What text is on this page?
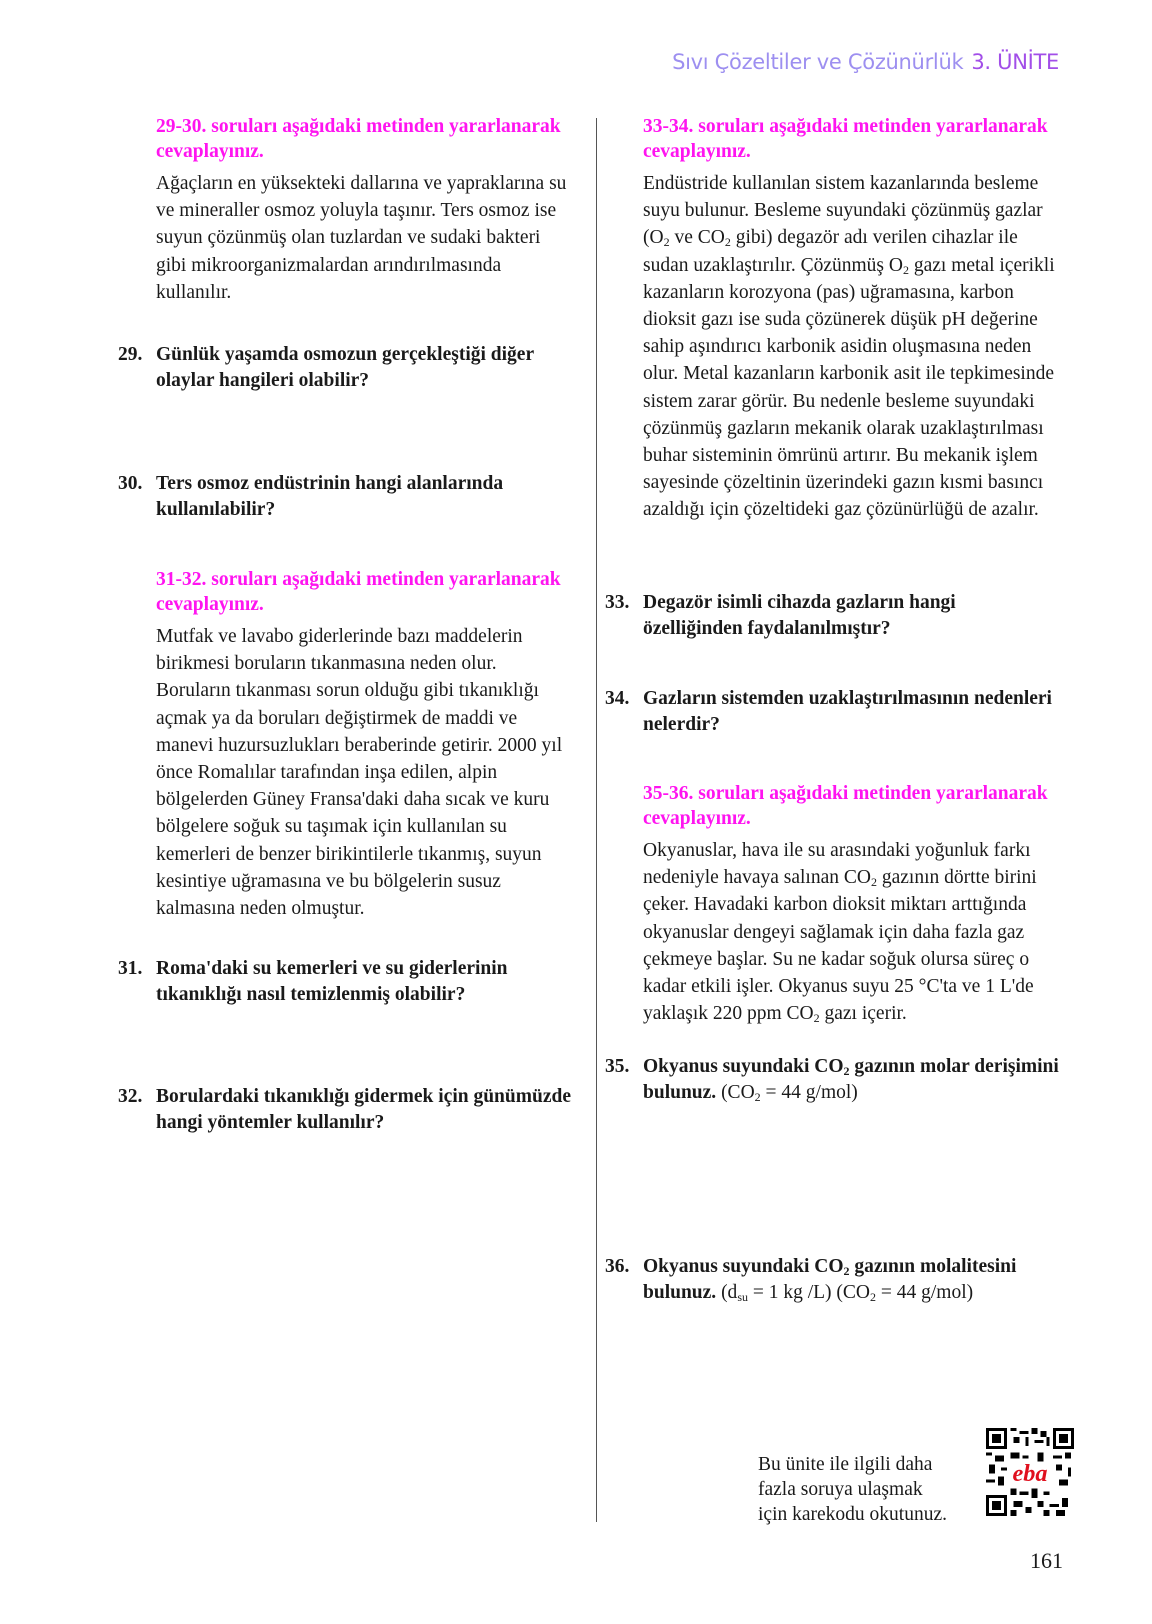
Sıvı Çözeltiler ve Çözünürlük 3. ÜNİTE
29-30. soruları aşağıdaki metinden yararlanarak cevaplayınız.
Ağaçların en yüksekteki dallarına ve yapraklarına su ve mineraller osmoz yoluyla taşınır. Ters osmoz ise suyun çözünmüş olan tuzlardan ve sudaki bakteri gibi mikroorganizmalardan arındırılmasında kullanılır.
29. Günlük yaşamda osmozun gerçekleştiği diğer olaylar hangileri olabilir?
30. Ters osmoz endüstrinin hangi alanlarında kullanılabilir?
31-32. soruları aşağıdaki metinden yararlanarak cevaplayınız.
Mutfak ve lavabo giderlerinde bazı maddelerin birikmesi boruların tıkanmasına neden olur. Boruların tıkanması sorun olduğu gibi tıkanıklığı açmak ya da boruları değiştirmek de maddi ve manevi huzursuzlukları beraberinde getirir. 2000 yıl önce Romalılar tarafından inşa edilen, alpin bölgelerden Güney Fransa'daki daha sıcak ve kuru bölgelere soğuk su taşımak için kullanılan su kemerleri de benzer birikintilerle tıkanmış, suyun kesintiye uğramasına ve bu bölgelerin susuz kalmasına neden olmuştur.
31. Roma'daki su kemerleri ve su giderlerinin tıkanıklığı nasıl temizlenmiş olabilir?
32. Borulardaki tıkanıklığı gidermek için günümüzde hangi yöntemler kullanılır?
33-34. soruları aşağıdaki metinden yararlanarak cevaplayınız.
Endüstride kullanılan sistem kazanlarında besleme suyu bulunur. Besleme suyundaki çözünmüş gazlar ($O_2$ ve $CO_2$ gibi) degazör adı verilen cihazlar ile sudan uzaklaştırılır. Çözünmüş $O_2$ gazı metal içerikli kazanların korozyona (pas) uğramasına, karbon dioksit gazı ise suda çözünerek düşük pH değerine sahip aşındırıcı karbonik asidin oluşmasına neden olur. Metal kazanların karbonik asit ile tepkimesinde sistem zarar görür. Bu nedenle besleme suyundaki çözünmüş gazların mekanik olarak uzaklaştırılması buhar sisteminin ömrünü artırır. Bu mekanik işlem sayesinde çözeltinin üzerindeki gazın kısmi basıncı azaldığı için çözeltideki gaz çözünürlüğü de azalır.
33. Degazör isimli cihazda gazların hangi özelliğinden faydalanılmıştır?
34. Gazların sistemden uzaklaştırılmasının nedenleri nelerdir?
35-36. soruları aşağıdaki metinden yararlanarak cevaplayınız.
Okyanuslar, hava ile su arasındaki yoğunluk farkı nedeniyle havaya salınan $CO_2$ gazının dörtte birini çeker. Havadaki karbon dioksit miktarı arttığında okyanuslar dengeyi sağlamak için daha fazla gaz çekmeye başlar. Su ne kadar soğuk olursa süreç o kadar etkili işler. Okyanus suyu 25 °C'ta ve 1 L'de yaklaşık 220 ppm $CO_2$ gazı içerir.
35. Okyanus suyundaki $CO_2$ gazının molar derişimini bulunuz. ($CO_2 = 44$ g/mol)
36. Okyanus suyundaki $CO_2$ gazının molalitesini bulunuz. ($d_{su} = 1$ kg /L) ($CO_2 = 44$ g/mol)
Bu ünite ile ilgili daha
fazla soruya ulaşmak
için karekodu okutunuz.
eba
161
